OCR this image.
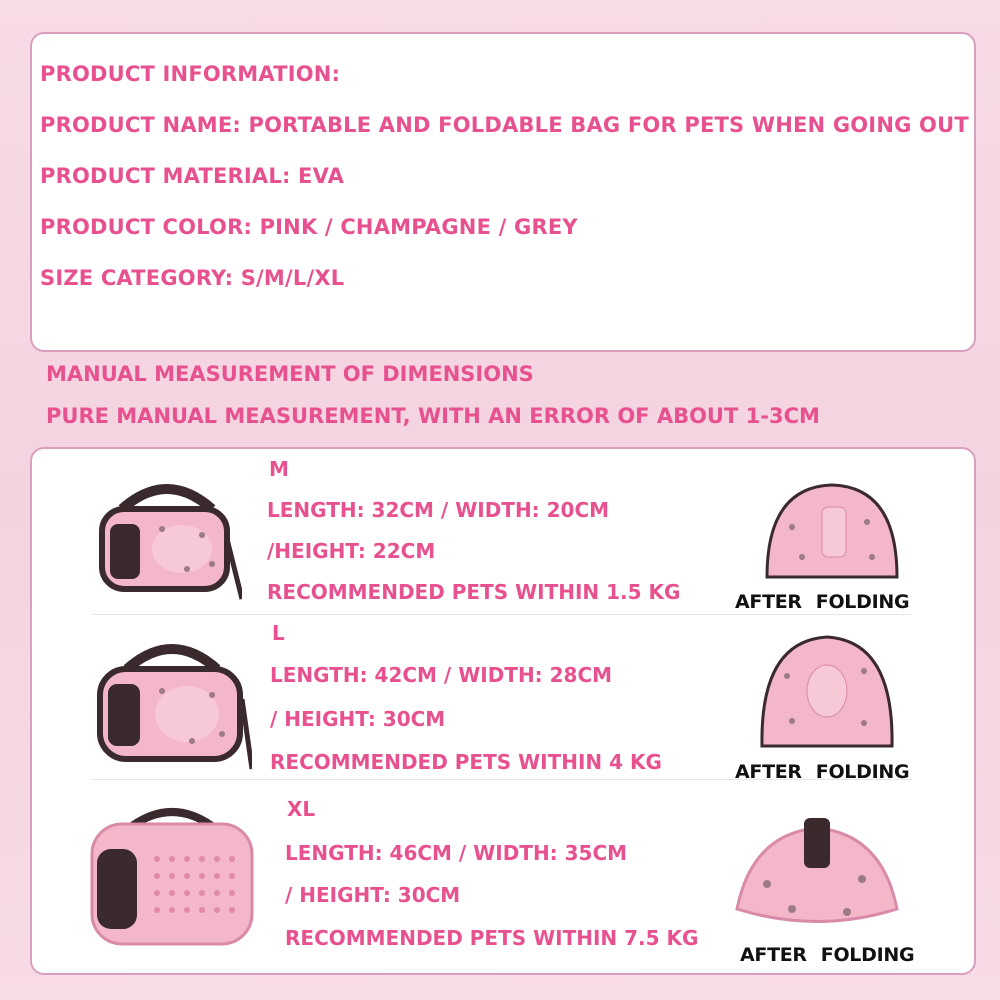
PRODUCT INFORMATION:
PRODUCT NAME: PORTABLE AND FOLDABLE BAG FOR PETS WHEN GOING OUT
PRODUCT MATERIAL: EVA
PRODUCT COLOR: PINK / CHAMPAGNE / GREY
SIZE CATEGORY: S/M/L/XL
MANUAL MEASUREMENT OF DIMENSIONS
PURE MANUAL MEASUREMENT, WITH AN ERROR OF ABOUT 1-3CM
M
LENGTH: 32CM / WIDTH: 20CM
/HEIGHT: 22CM
RECOMMENDED PETS WITHIN 1.5 KG	AFTER FOLDING
L
LENGTH: 42CM / WIDTH: 28CM
/ HEIGHT: 30CM
RECOMMENDED PETS WITHIN 4 KG	AFTER FOLDING
XL
LENGTH: 46CM / WIDTH: 35CM
/ HEIGHT: 30CM
RECOMMENDED PETS WITHIN 7.5 KG
AFTER FOLDING
